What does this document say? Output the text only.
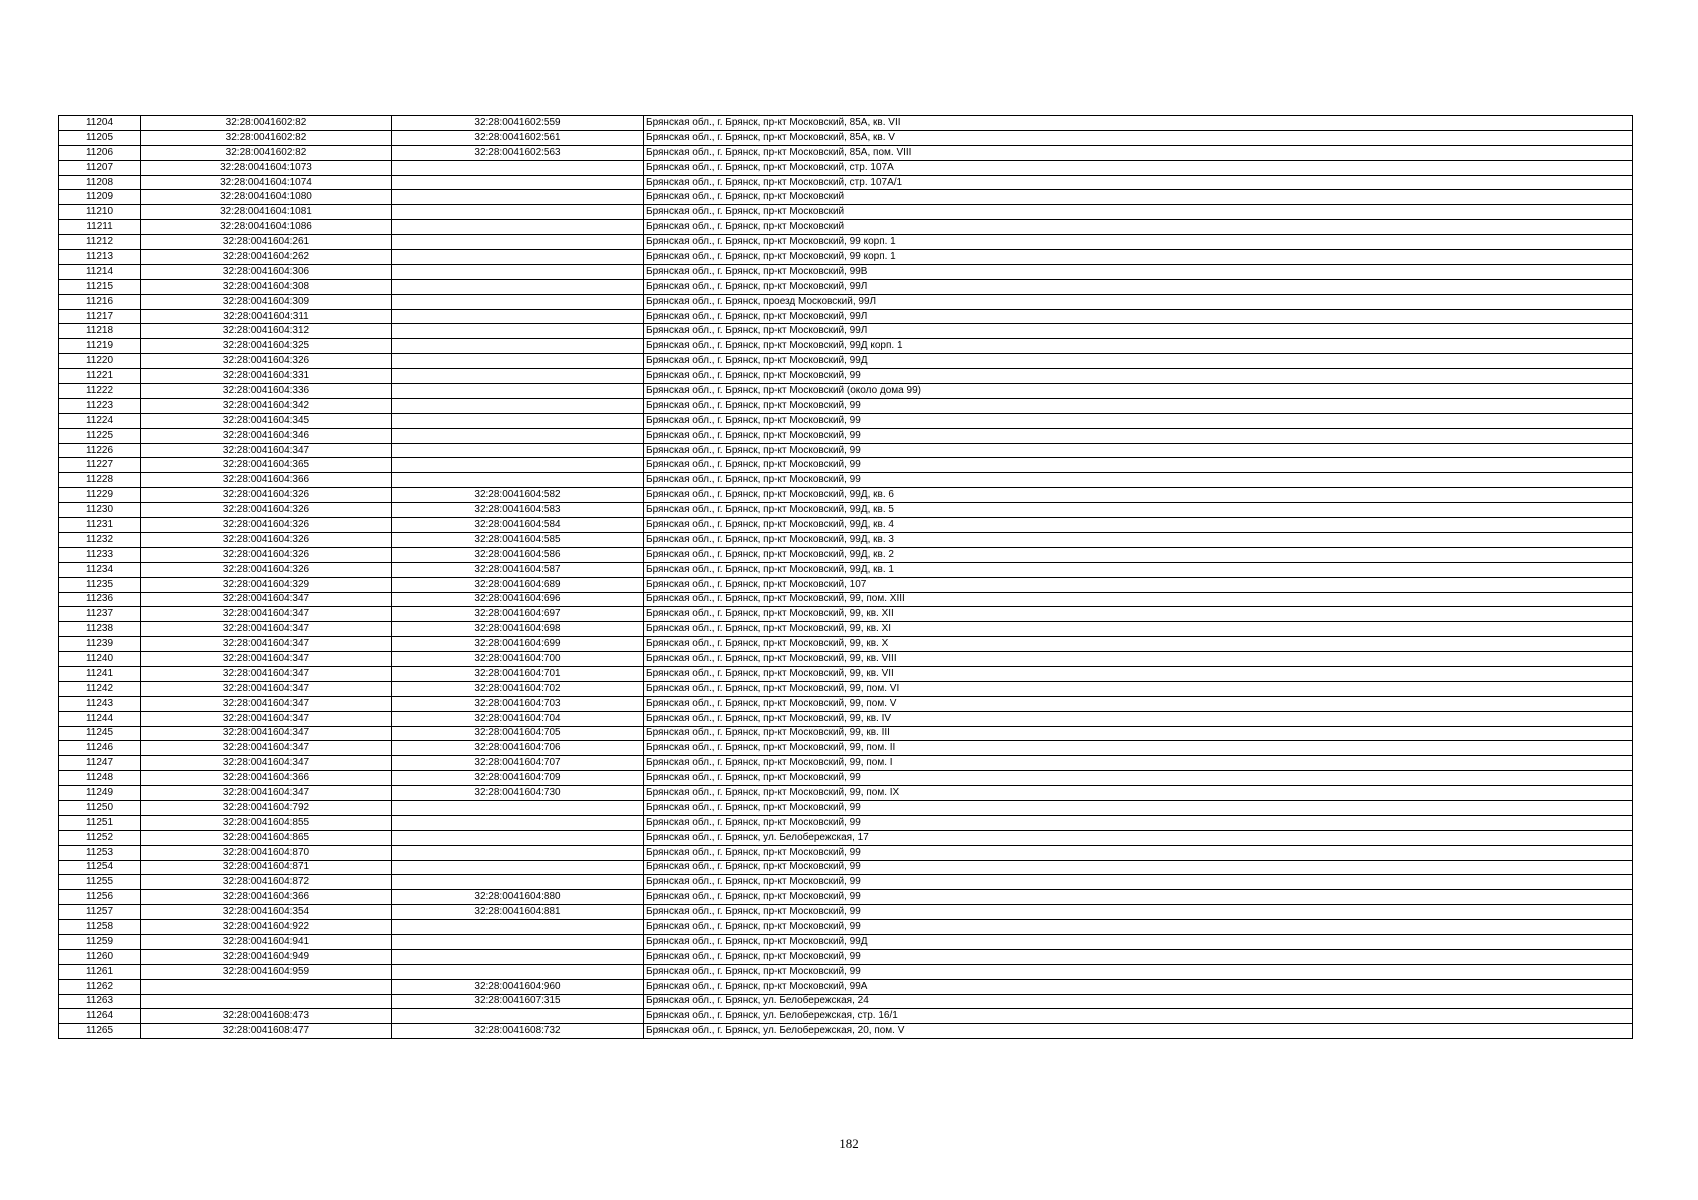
11204	32:28:0041602:82	32:28:0041602:559	Брянская обл., г. Брянск, пр-кт Московский, 85А, кв. VII
11205	32:28:0041602:82	32:28:0041602:561	Брянская обл., г. Брянск, пр-кт Московский, 85А, кв. V
11206	32:28:0041602:82	32:28:0041602:563	Брянская обл., г. Брянск, пр-кт Московский, 85А, пом. VIII
11207	32:28:0041604:1073		Брянская обл., г. Брянск, пр-кт Московский, стр. 107А
11208	32:28:0041604:1074		Брянская обл., г. Брянск, пр-кт Московский, стр. 107А/1
11209	32:28:0041604:1080		Брянская обл., г. Брянск, пр-кт Московский
11210	32:28:0041604:1081		Брянская обл., г. Брянск, пр-кт Московский
11211	32:28:0041604:1086		Брянская обл., г. Брянск, пр-кт Московский
11212	32:28:0041604:261		Брянская обл., г. Брянск, пр-кт Московский, 99 корп. 1
11213	32:28:0041604:262		Брянская обл., г. Брянск, пр-кт Московский, 99 корп. 1
11214	32:28:0041604:306		Брянская обл., г. Брянск, пр-кт Московский, 99В
11215	32:28:0041604:308		Брянская обл., г. Брянск, пр-кт Московский, 99Л
11216	32:28:0041604:309		Брянская обл., г. Брянск, проезд Московский, 99Л
11217	32:28:0041604:311		Брянская обл., г. Брянск, пр-кт Московский, 99Л
11218	32:28:0041604:312		Брянская обл., г. Брянск, пр-кт Московский, 99Л
11219	32:28:0041604:325		Брянская обл., г. Брянск, пр-кт Московский, 99Д корп. 1
11220	32:28:0041604:326		Брянская обл., г. Брянск, пр-кт Московский, 99Д
11221	32:28:0041604:331		Брянская обл., г. Брянск, пр-кт Московский, 99
11222	32:28:0041604:336		Брянская обл., г. Брянск, пр-кт Московский (около дома 99)
11223	32:28:0041604:342		Брянская обл., г. Брянск, пр-кт Московский, 99
11224	32:28:0041604:345		Брянская обл., г. Брянск, пр-кт Московский, 99
11225	32:28:0041604:346		Брянская обл., г. Брянск, пр-кт Московский, 99
11226	32:28:0041604:347		Брянская обл., г. Брянск, пр-кт Московский, 99
11227	32:28:0041604:365		Брянская обл., г. Брянск, пр-кт Московский, 99
11228	32:28:0041604:366		Брянская обл., г. Брянск, пр-кт Московский, 99
11229	32:28:0041604:326	32:28:0041604:582	Брянская обл., г. Брянск, пр-кт Московский, 99Д, кв. 6
11230	32:28:0041604:326	32:28:0041604:583	Брянская обл., г. Брянск, пр-кт Московский, 99Д, кв. 5
11231	32:28:0041604:326	32:28:0041604:584	Брянская обл., г. Брянск, пр-кт Московский, 99Д, кв. 4
11232	32:28:0041604:326	32:28:0041604:585	Брянская обл., г. Брянск, пр-кт Московский, 99Д, кв. 3
11233	32:28:0041604:326	32:28:0041604:586	Брянская обл., г. Брянск, пр-кт Московский, 99Д, кв. 2
11234	32:28:0041604:326	32:28:0041604:587	Брянская обл., г. Брянск, пр-кт Московский, 99Д, кв. 1
11235	32:28:0041604:329	32:28:0041604:689	Брянская обл., г. Брянск, пр-кт Московский, 107
11236	32:28:0041604:347	32:28:0041604:696	Брянская обл., г. Брянск, пр-кт Московский, 99, пом. XIII
11237	32:28:0041604:347	32:28:0041604:697	Брянская обл., г. Брянск, пр-кт Московский, 99, кв. XII
11238	32:28:0041604:347	32:28:0041604:698	Брянская обл., г. Брянск, пр-кт Московский, 99, кв. XI
11239	32:28:0041604:347	32:28:0041604:699	Брянская обл., г. Брянск, пр-кт Московский, 99, кв. X
11240	32:28:0041604:347	32:28:0041604:700	Брянская обл., г. Брянск, пр-кт Московский, 99, кв. VIII
11241	32:28:0041604:347	32:28:0041604:701	Брянская обл., г. Брянск, пр-кт Московский, 99, кв. VII
11242	32:28:0041604:347	32:28:0041604:702	Брянская обл., г. Брянск, пр-кт Московский, 99, пом. VI
11243	32:28:0041604:347	32:28:0041604:703	Брянская обл., г. Брянск, пр-кт Московский, 99, пом. V
11244	32:28:0041604:347	32:28:0041604:704	Брянская обл., г. Брянск, пр-кт Московский, 99, кв. IV
11245	32:28:0041604:347	32:28:0041604:705	Брянская обл., г. Брянск, пр-кт Московский, 99, кв. III
11246	32:28:0041604:347	32:28:0041604:706	Брянская обл., г. Брянск, пр-кт Московский, 99, пом. II
11247	32:28:0041604:347	32:28:0041604:707	Брянская обл., г. Брянск, пр-кт Московский, 99, пом. I
11248	32:28:0041604:366	32:28:0041604:709	Брянская обл., г. Брянск, пр-кт Московский, 99
11249	32:28:0041604:347	32:28:0041604:730	Брянская обл., г. Брянск, пр-кт Московский, 99, пом. IX
11250	32:28:0041604:792		Брянская обл., г. Брянск, пр-кт Московский, 99
11251	32:28:0041604:855		Брянская обл., г. Брянск, пр-кт Московский, 99
11252	32:28:0041604:865		Брянская обл., г. Брянск, ул. Белобережская, 17
11253	32:28:0041604:870		Брянская обл., г. Брянск, пр-кт Московский, 99
11254	32:28:0041604:871		Брянская обл., г. Брянск, пр-кт Московский, 99
11255	32:28:0041604:872		Брянская обл., г. Брянск, пр-кт Московский, 99
11256	32:28:0041604:366	32:28:0041604:880	Брянская обл., г. Брянск, пр-кт Московский, 99
11257	32:28:0041604:354	32:28:0041604:881	Брянская обл., г. Брянск, пр-кт Московский, 99
11258	32:28:0041604:922		Брянская обл., г. Брянск, пр-кт Московский, 99
11259	32:28:0041604:941		Брянская обл., г. Брянск, пр-кт Московский, 99Д
11260	32:28:0041604:949		Брянская обл., г. Брянск, пр-кт Московский, 99
11261	32:28:0041604:959		Брянская обл., г. Брянск, пр-кт Московский, 99
11262		32:28:0041604:960	Брянская обл., г. Брянск, пр-кт Московский, 99А
11263		32:28:0041607:315	Брянская обл., г. Брянск, ул. Белобережская, 24
11264	32:28:0041608:473		Брянская обл., г. Брянск, ул. Белобережская, стр. 16/1
11265	32:28:0041608:477	32:28:0041608:732	Брянская обл., г. Брянск, ул. Белобережская, 20, пом. V
182
